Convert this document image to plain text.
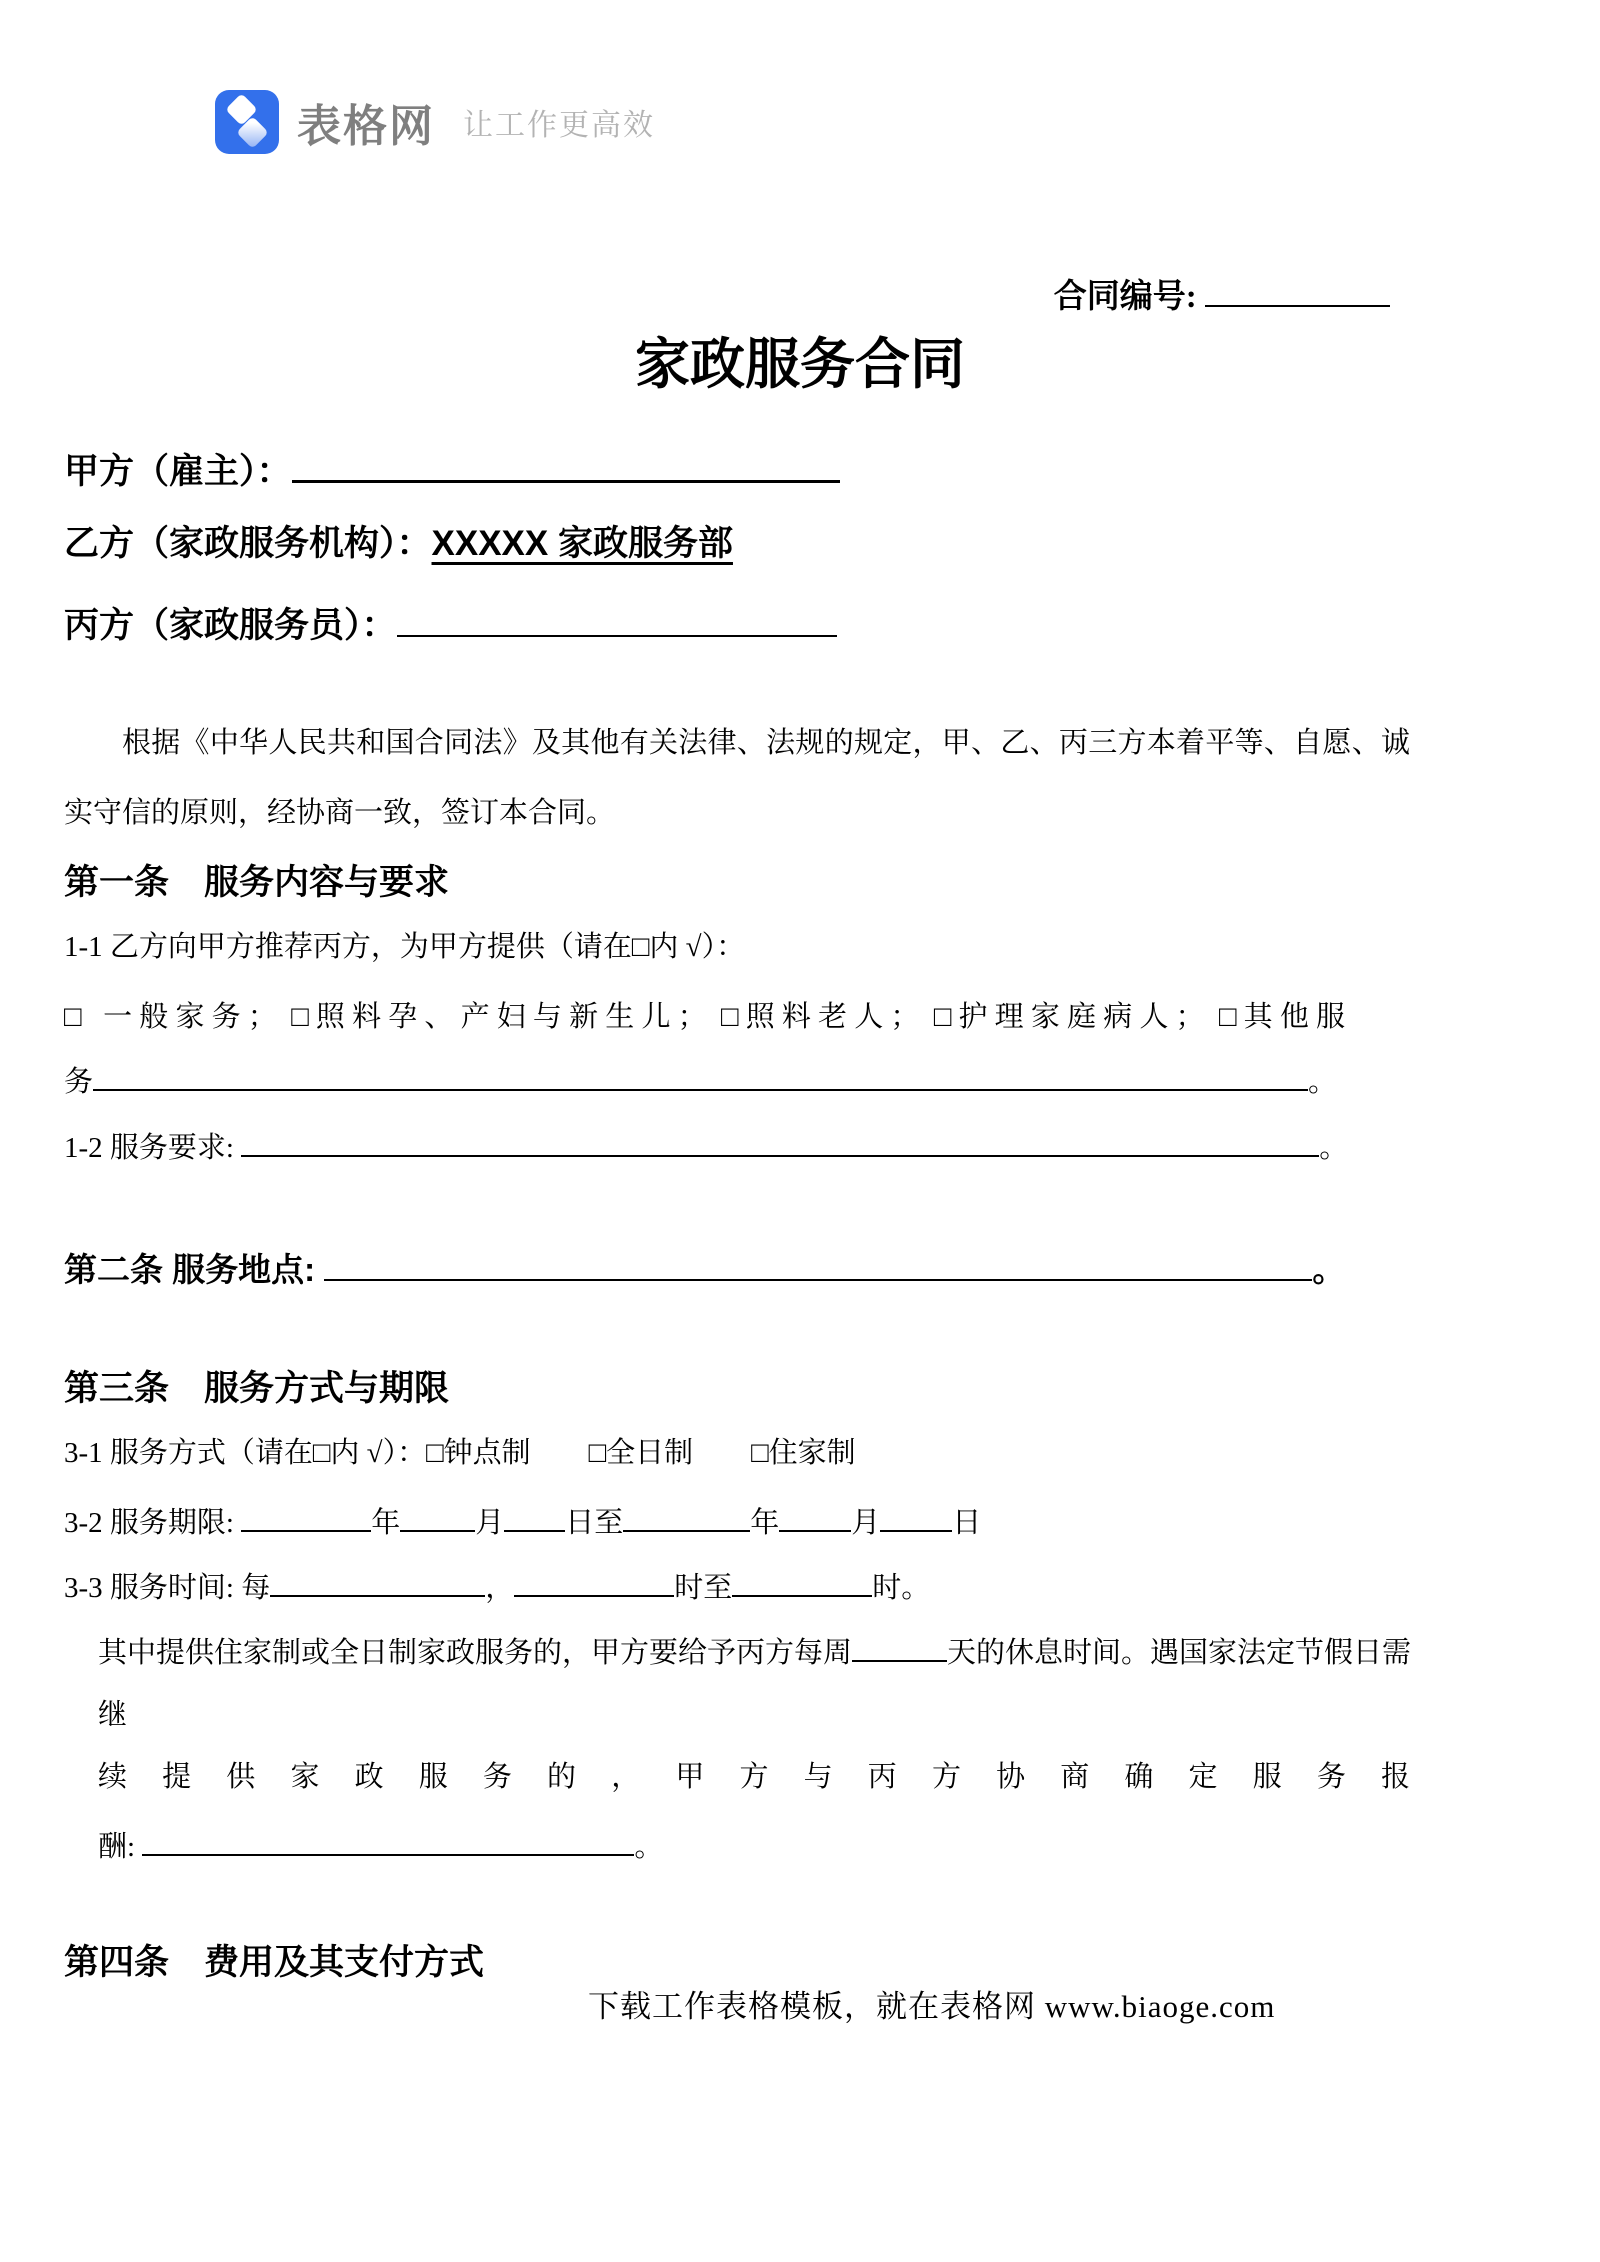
表格网 让工作更高效
合同编号:
家政服务合同
甲方（雇主）：
乙方（家政服务机构）：XXXXX 家政服务部
丙方（家政服务员）：
根据《中华人民共和国合同法》及其他有关法律、法规的规定，甲、乙、丙三方本着平等、自愿、诚
实守信的原则，经协商一致，签订本合同。
第一条　服务内容与要求
1-1 乙方向甲方推荐丙方，为甲方提供（请在□内 √）：
□ 一般家务； □照料孕、产妇与新生儿； □照料老人； □护理家庭病人； □其他服
务	。
1-2 服务要求:	。
第二条 服务地点:	。
第三条　服务方式与期限
3-1 服务方式（请在□内 √）：□钟点制　　□全日制　　□住家制
3-2 服务期限:	年	月 日至	年 月 日
3-3 服务时间: 每	，	时至	时。
其中提供住家制或全日制家政服务的，甲方要给予丙方每周	天的休息时间。遇国家法定节假日需
继
续 提 供 家 政 服 务 的 ， 甲 方 与 丙 方 协 商 确 定 服 务 报
酬:	。
第四条　费用及其支付方式
下载工作表格模板，就在表格网 www.biaoge.com
